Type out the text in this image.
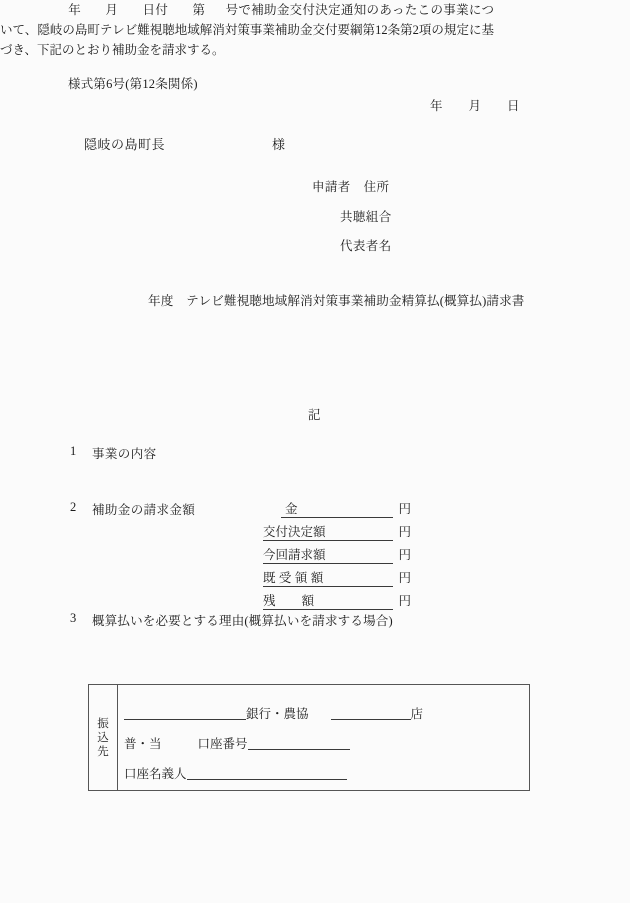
様式第6号(第12条関係)
年 月 日
隠岐の島町長	様
申請者　住所
共聴組合
代表者名
年度　テレビ難視聴地域解消対策事業補助金精算払(概算払)請求書
年 月 日付 第 号で補助金交付決定通知のあったこの事業について、隠岐の島町テレビ難視聴地域解消対策事業補助金交付要綱第12条第2項の規定に基づき、下記のとおり補助金を請求する。
記
1 事業の内容
2 補助金の請求金額	金	円
交付決定額	円
今回請求額	円
既受領額	円
残 額	円
3 概算払いを必要とする理由(概算払いを請求する場合)
振
込
先
銀行・農協	店
普・当	口座番号
口座名義人
